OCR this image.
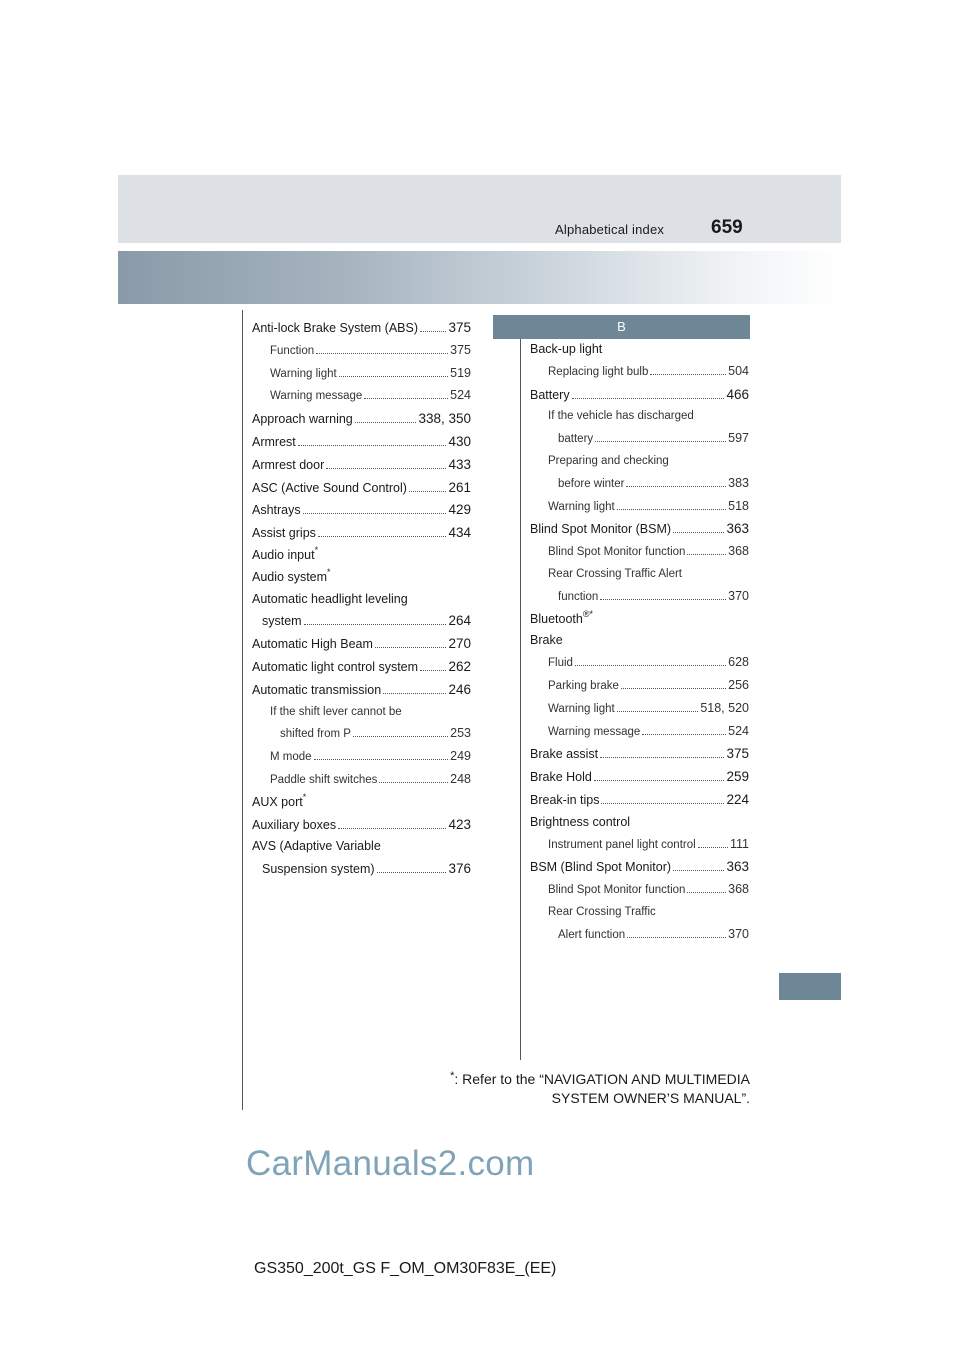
Alphabetical index 659
Anti-lock Brake System (ABS) 375
Function	375
Warning light	519
Warning message	524
Approach warning	338, 350
Armrest	430
Armrest door	433
ASC (Active Sound Control)	261
Ashtrays	429
Assist grips	434
Audio input*
Audio system*
Automatic headlight leveling
system	264
Automatic High Beam	270
Automatic light control system 262
Automatic transmission	246
If the shift lever cannot be
shifted from P	253
M mode	249
Paddle shift switches	248
AUX port*
Auxiliary boxes	423
AVS (Adaptive Variable
Suspension system)	376
B
Back-up light
Replacing light bulb	504
Battery	466
If the vehicle has discharged
battery	597
Preparing and checking
before winter	383
Warning light	518
Blind Spot Monitor (BSM)	363
Blind Spot Monitor function	368
Rear Crossing Traffic Alert
function	370
Bluetooth®*
Brake
Fluid	628
Parking brake	256
Warning light	518, 520
Warning message	524
Brake assist	375
Brake Hold	259
Break-in tips	224
Brightness control
Instrument panel light control	111
BSM (Blind Spot Monitor)	363
Blind Spot Monitor function	368
Rear Crossing Traffic
Alert function	370
*: Refer to the “NAVIGATION AND MULTIMEDIA
SYSTEM OWNER’S MANUAL”.
CarManuals2.com
GS350_200t_GS F_OM_OM30F83E_(EE)
